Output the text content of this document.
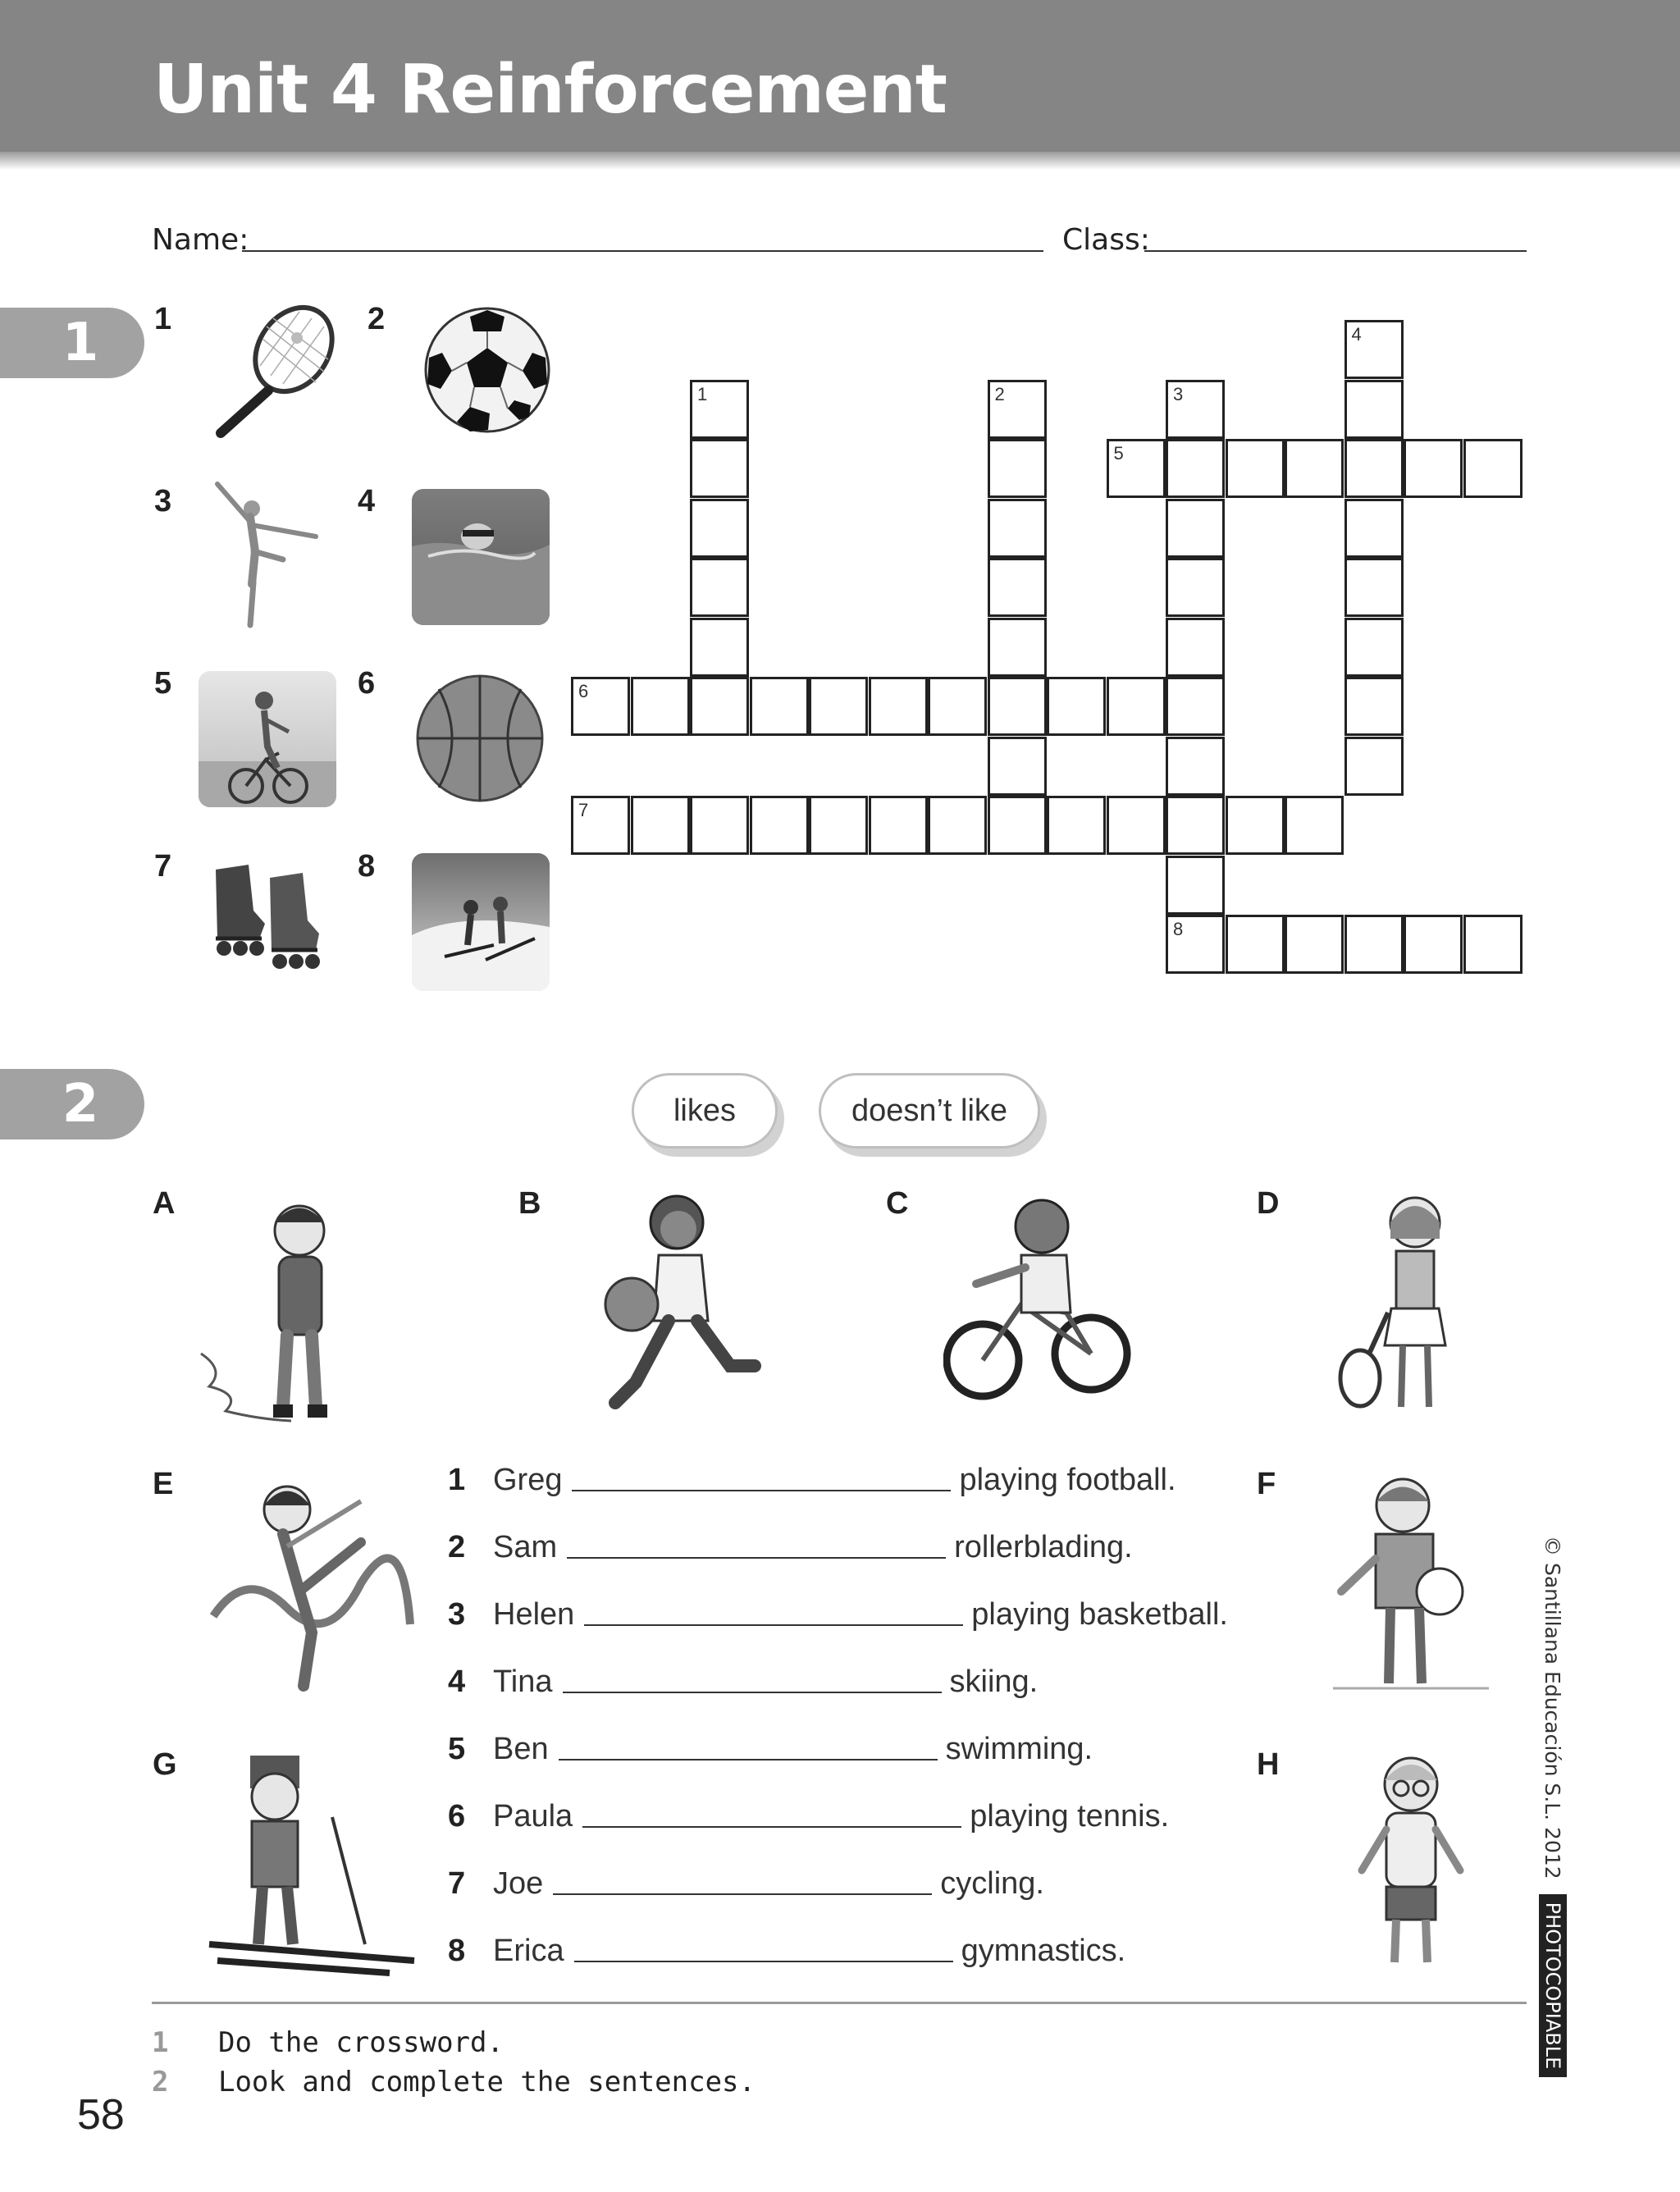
Unit 4 Reinforcement
Name:	Class:
1	1	2
3	4
5	6
7	8
1	2	3
4
5
6
7
8
2	likes	doesn’t like
A	B	C	D
E	F
G	H
1 Greg	playing football.
2 Sam	rollerblading.
3 Helen	playing basketball.
4 Tina	skiing.
5 Ben	swimming.
6 Paula	playing tennis.
7 Joe	cycling.
8 Erica	gymnastics.
© Santillana Educación S.L. 2012
PHOTOCOPIABLE
1 Do the crossword.
2 Look and complete the sentences.
58
